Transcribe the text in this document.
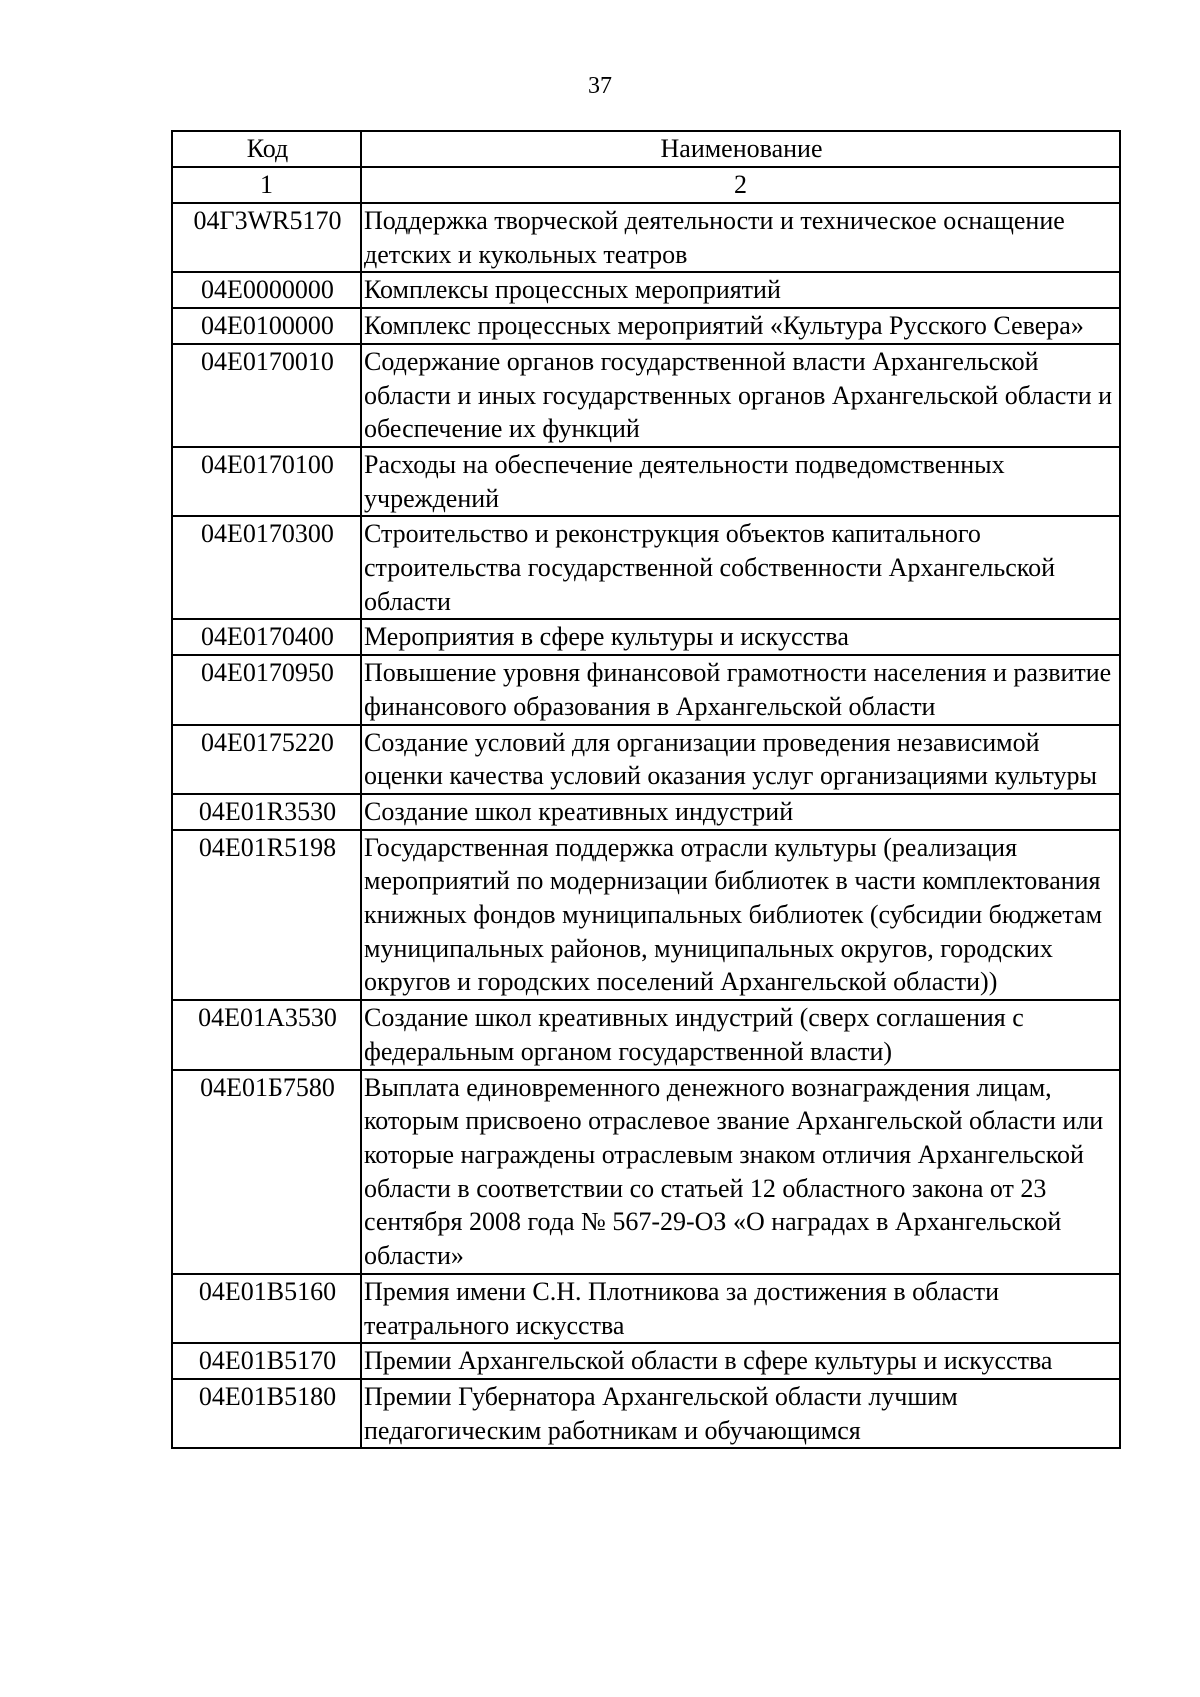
37
Код	Наименование
1	2
04Г3WR5170	Поддержка творческой деятельности и техническое оснащение детских и кукольных театров
04Е0000000	Комплексы процессных мероприятий
04Е0100000	Комплекс процессных мероприятий «Культура Русского Севера»
04Е0170010	Содержание органов государственной власти Архангельской области и иных государственных органов Архангельской области и обеспечение их функций
04Е0170100	Расходы на обеспечение деятельности подведомственных учреждений
04Е0170300	Строительство и реконструкция объектов капитального строительства государственной собственности Архангельской области
04Е0170400	Мероприятия в сфере культуры и искусства
04Е0170950	Повышение уровня финансовой грамотности населения и развитие финансового образования в Архангельской области
04Е0175220	Создание условий для организации проведения независимой оценки качества условий оказания услуг организациями культуры
04Е01R3530	Создание школ креативных индустрий
04Е01R5198	Государственная поддержка отрасли культуры (реализация мероприятий по модернизации библиотек в части комплектования книжных фондов муниципальных библиотек (субсидии бюджетам муниципальных районов, муниципальных округов, городских округов и городских поселений Архангельской области))
04Е01А3530	Создание школ креативных индустрий (сверх соглашения с федеральным органом государственной власти)
04Е01Б7580	Выплата единовременного денежного вознаграждения лицам, которым присвоено отраслевое звание Архангельской области или которые награждены отраслевым знаком отличия Архангельской области в соответствии со статьей 12 областного закона от 23 сентября 2008 года № 567-29-ОЗ «О наградах в Архангельской области»
04Е01В5160	Премия имени С.Н. Плотникова за достижения в области театрального искусства
04Е01В5170	Премии Архангельской области в сфере культуры и искусства
04Е01В5180	Премии Губернатора Архангельской области лучшим педагогическим работникам и обучающимся
